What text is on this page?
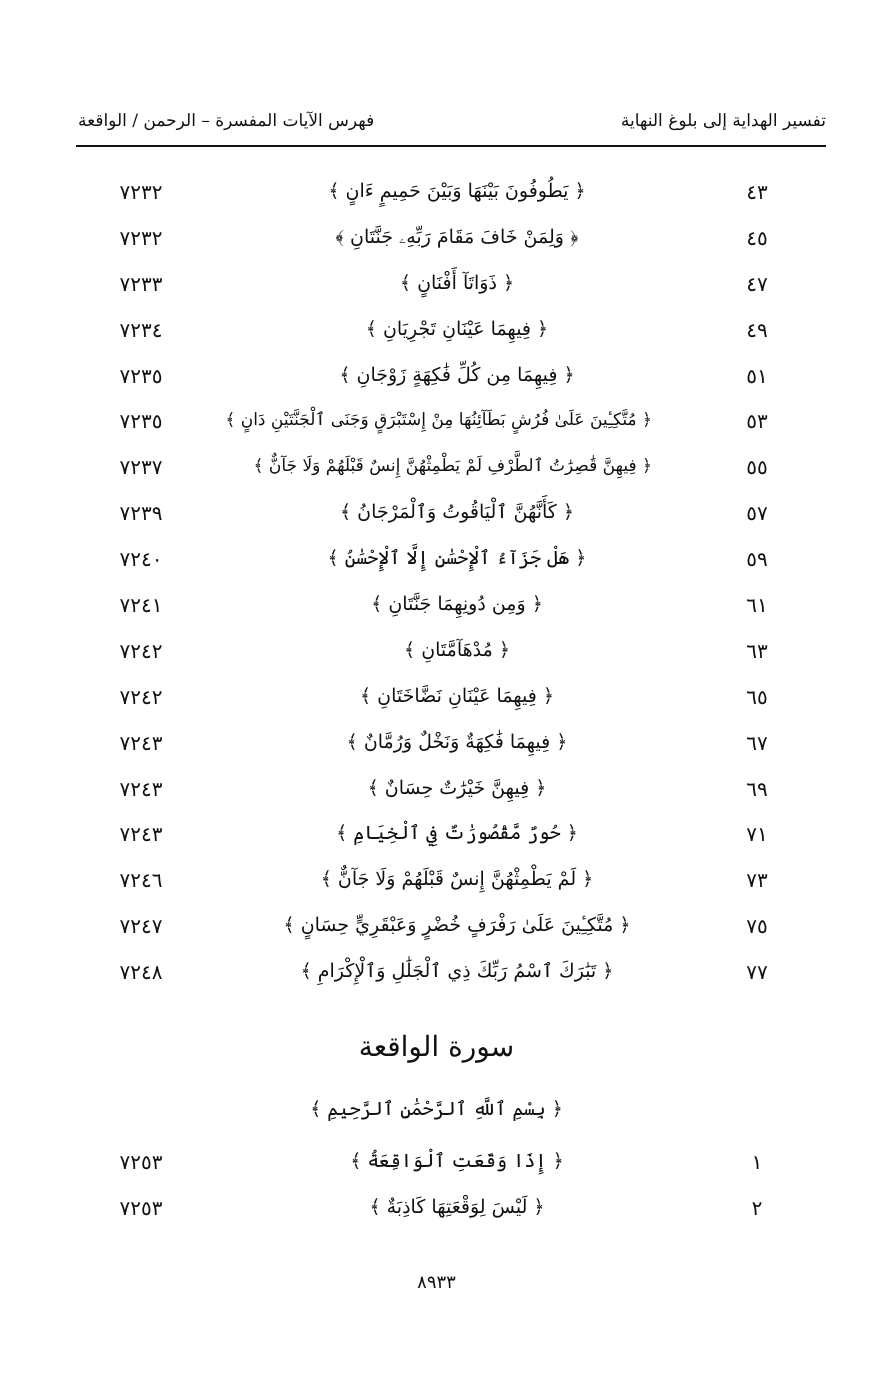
تفسير الهداية إلى بلوغ النهاية
فهرس الآيات المفسرة – الرحمن / الواقعة
٤٣
﴿ يَطُوفُونَ بَيْنَهَا وَبَيْنَ حَمِيمٍ ءَانٍ ﴾
٧٢٣٢
٤٥
﴿ وَلِمَنْ خَافَ مَقَامَ رَبِّهِۦ جَنَّتَانِ ﴾
٧٢٣٢
٤٧
﴿ ذَوَاتَآ أَفْنَانٍ ﴾
٧٢٣٣
٤٩
﴿ فِيهِمَا عَيْنَانِ تَجْرِيَانِ ﴾
٧٢٣٤
٥١
﴿ فِيهِمَا مِن كُلِّ فَٰكِهَةٍ زَوْجَانِ ﴾
٧٢٣٥
٥٣
﴿ مُتَّكِـِٔينَ عَلَىٰ فُرُشٍ بَطَآئِنُهَا مِنْ إِسْتَبْرَقٍ وَجَنَى ٱلْجَنَّتَيْنِ دَانٍ ﴾
٧٢٣٥
٥٥
﴿ فِيهِنَّ قَٰصِرَٰتُ ٱلطَّرْفِ لَمْ يَطْمِثْهُنَّ إِنسٌ قَبْلَهُمْ وَلَا جَآنٌّ ﴾
٧٢٣٧
٥٧
﴿ كَأَنَّهُنَّ ٱلْيَاقُوتُ وَٱلْمَرْجَانُ ﴾
٧٢٣٩
٥٩
﴿ هَلْ جَزَآءُ ٱلْإِحْسَٰنِ إِلَّا ٱلْإِحْسَٰنُ ﴾
٧٢٤٠
٦١
﴿ وَمِن دُونِهِمَا جَنَّتَانِ ﴾
٧٢٤١
٦٣
﴿ مُدْهَآمَّتَانِ ﴾
٧٢٤٢
٦٥
﴿ فِيهِمَا عَيْنَانِ نَضَّاخَتَانِ ﴾
٧٢٤٢
٦٧
﴿ فِيهِمَا فَٰكِهَةٌ وَنَخْلٌ وَرُمَّانٌ ﴾
٧٢٤٣
٦٩
﴿ فِيهِنَّ خَيْرَٰتٌ حِسَانٌ ﴾
٧٢٤٣
٧١
﴿ حُورٌ مَّقْصُورَٰتٌ فِي ٱلْخِيَامِ ﴾
٧٢٤٣
٧٣
﴿ لَمْ يَطْمِثْهُنَّ إِنسٌ قَبْلَهُمْ وَلَا جَآنٌّ ﴾
٧٢٤٦
٧٥
﴿ مُتَّكِـِٔينَ عَلَىٰ رَفْرَفٍ خُضْرٍ وَعَبْقَرِيٍّ حِسَانٍ ﴾
٧٢٤٧
٧٧
﴿ تَبَٰرَكَ ٱسْمُ رَبِّكَ ذِي ٱلْجَلَٰلِ وَٱلْإِكْرَامِ ﴾
٧٢٤٨
سورة الواقعة
﴿ بِسْمِ ٱللَّهِ ٱلرَّحْمَٰنِ ٱلرَّحِيمِ ﴾
١
﴿ إِذَا وَقَعَتِ ٱلْوَاقِعَةُ ﴾
٧٢٥٣
٢
﴿ لَيْسَ لِوَقْعَتِهَا كَاذِبَةٌ ﴾
٧٢٥٣
٨٩٣٣
